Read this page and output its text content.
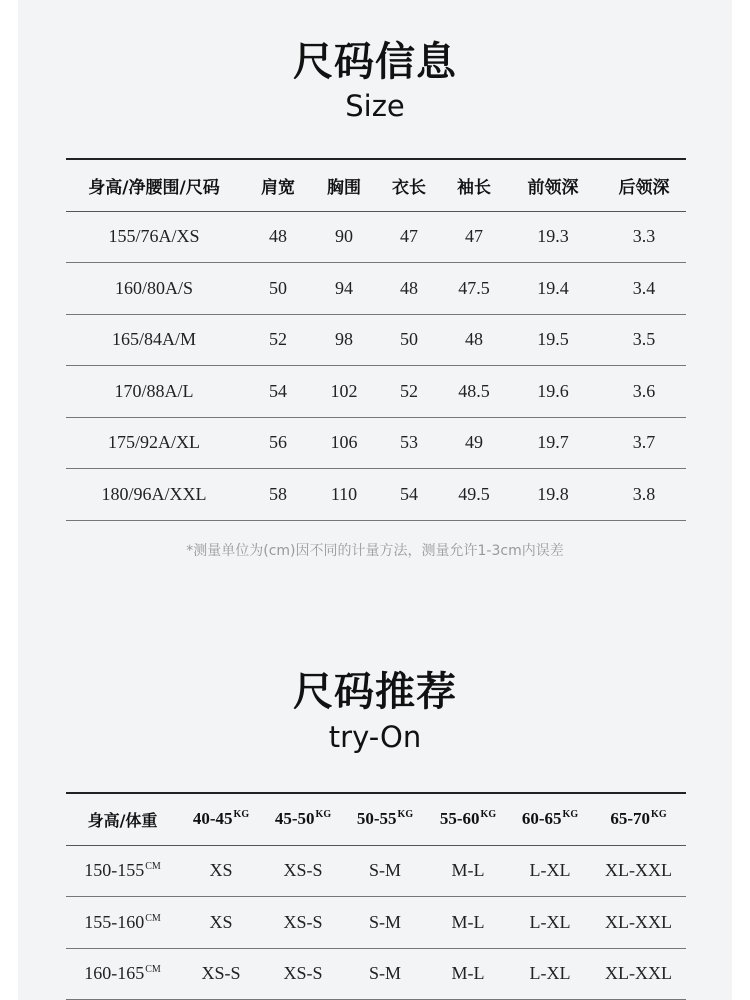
尺码信息
Size
身高/净腰围/尺码	肩宽	胸围	衣长	袖长	前领深	后领深
155/76A/XS	48	90	47	47	19.3	3.3
160/80A/S	50	94	48	47.5	19.4	3.4
165/84A/M	52	98	50	48	19.5	3.5
170/88A/L	54	102	52	48.5	19.6	3.6
175/92A/XL	56	106	53	49	19.7	3.7
180/96A/XXL	58	110	54	49.5	19.8	3.8
*测量单位为(cm)因不同的计量方法，测量允许1-3cm内误差
尺码推荐
try-On
身高/体重	$40-45^{KG}$	$45-50^{KG}$	$50-55^{KG}$	$55-60^{KG}$	$60-65^{KG}$	$65-70^{KG}$
$150-155^{CM}$	XS	XS-S	S-M	M-L	L-XL	XL-XXL
$155-160^{CM}$	XS	XS-S	S-M	M-L	L-XL	XL-XXL
$160-165^{CM}$	XS-S	XS-S	S-M	M-L	L-XL	XL-XXL
